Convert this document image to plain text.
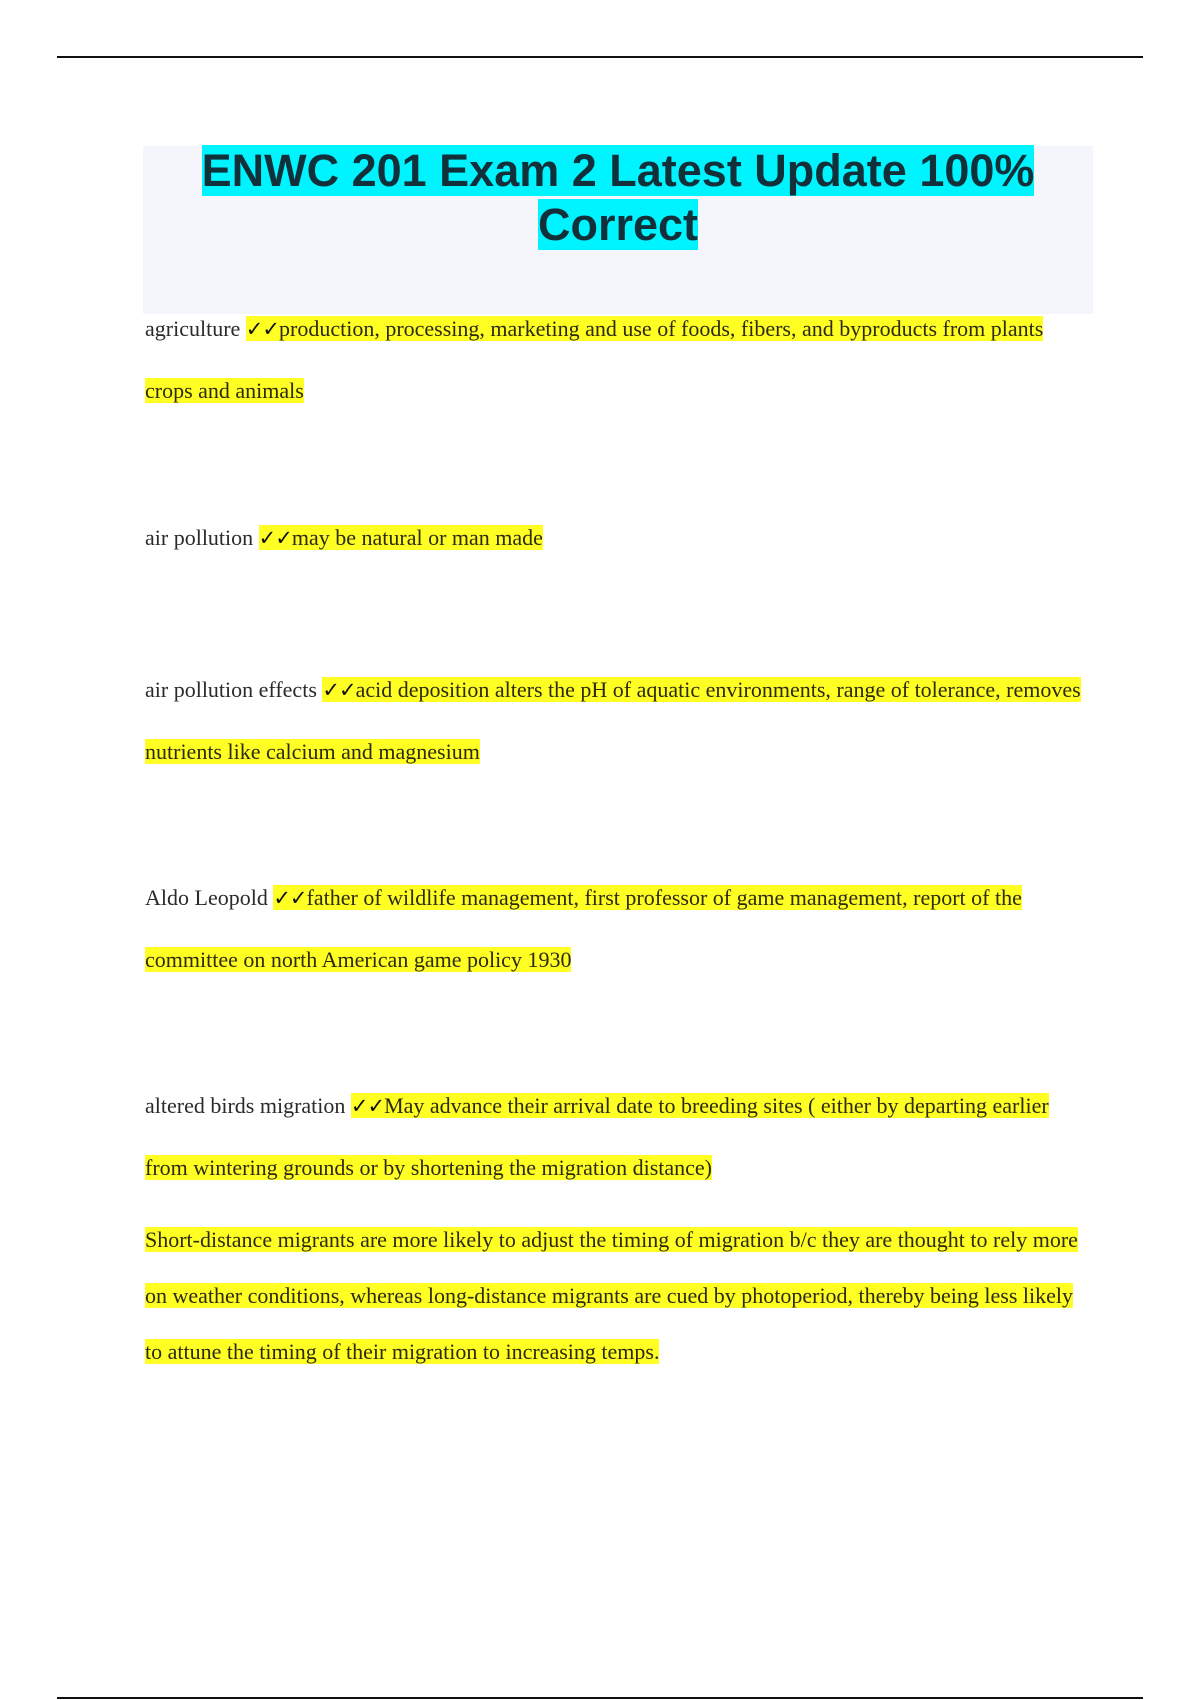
ENWC 201 Exam 2 Latest Update 100% Correct

agriculture ✓✓production, processing, marketing and use of foods, fibers, and byproducts from plants crops and animals

air pollution ✓✓may be natural or man made

air pollution effects ✓✓acid deposition alters the pH of aquatic environments, range of tolerance, removes nutrients like calcium and magnesium

Aldo Leopold ✓✓father of wildlife management, first professor of game management, report of the committee on north American game policy 1930

altered birds migration ✓✓May advance their arrival date to breeding sites ( either by departing earlier from wintering grounds or by shortening the migration distance)

Short-distance migrants are more likely to adjust the timing of migration b/c they are thought to rely more on weather conditions, whereas long-distance migrants are cued by photoperiod, thereby being less likely to attune the timing of their migration to increasing temps.
